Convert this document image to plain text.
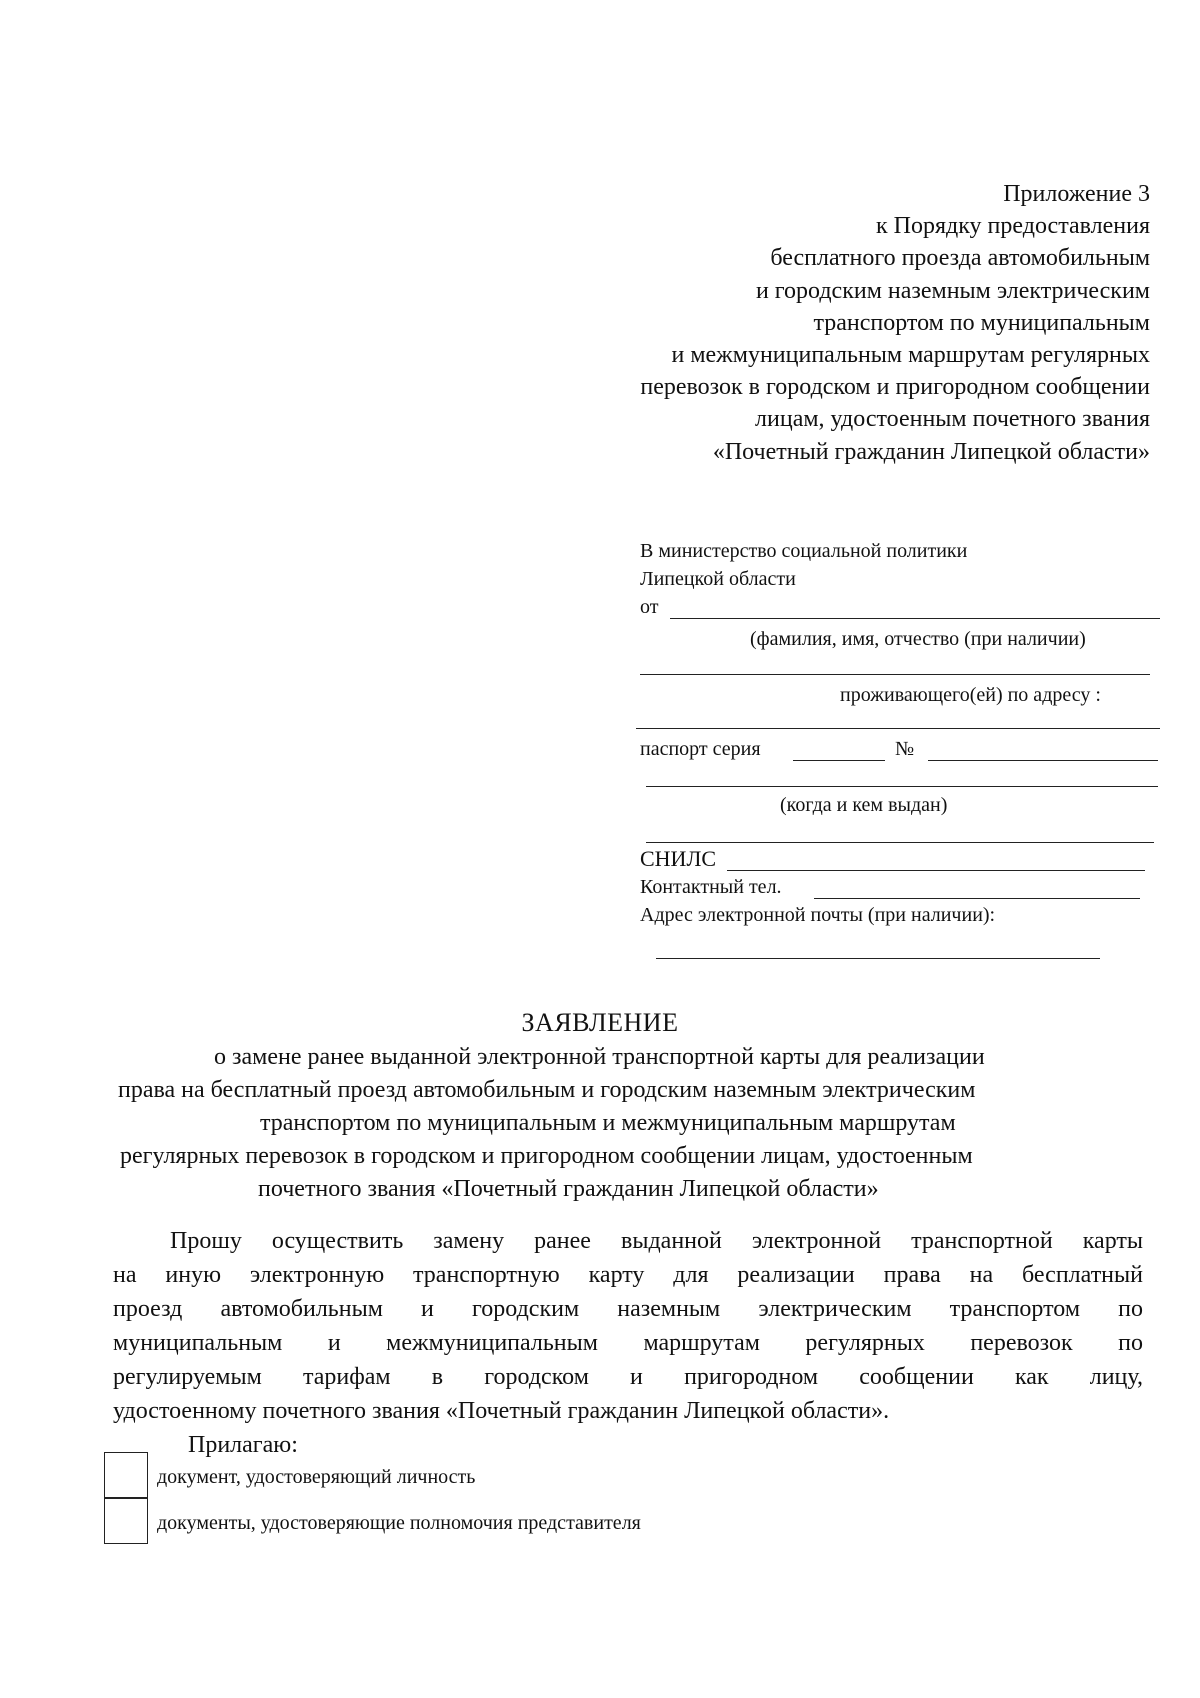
Приложение 3
к Порядку предоставления
бесплатного проезда автомобильным
и городским наземным электрическим
транспортом по муниципальным
и межмуниципальным маршрутам регулярных
перевозок в городском и пригородном сообщении
лицам, удостоенным почетного звания
«Почетный гражданин Липецкой области»
В министерство социальной политики
Липецкой области
от
(фамилия, имя, отчество (при наличии)
проживающего(ей) по адресу :
паспорт серия	№
(когда и кем выдан)
СНИЛС
Контактный тел.
Адрес электронной почты (при наличии):
ЗАЯВЛЕНИЕ
о замене ранее выданной электронной транспортной карты для реализации
права на бесплатный проезд автомобильным и городским наземным электрическим
транспортом по муниципальным и межмуниципальным маршрутам
регулярных перевозок в городском и пригородном сообщении лицам, удостоенным
почетного звания «Почетный гражданин Липецкой области»
Прошу осуществить замену ранее выданной электронной транспортной карты
на иную электронную транспортную карту для реализации права на бесплатный
проезд автомобильным и городским наземным электрическим транспортом по
муниципальным и межмуниципальным маршрутам регулярных перевозок по
регулируемым тарифам в городском и пригородном сообщении как лицу,
удостоенному почетного звания «Почетный гражданин Липецкой области».
Прилагаю:
документ, удостоверяющий личность
документы, удостоверяющие полномочия представителя
